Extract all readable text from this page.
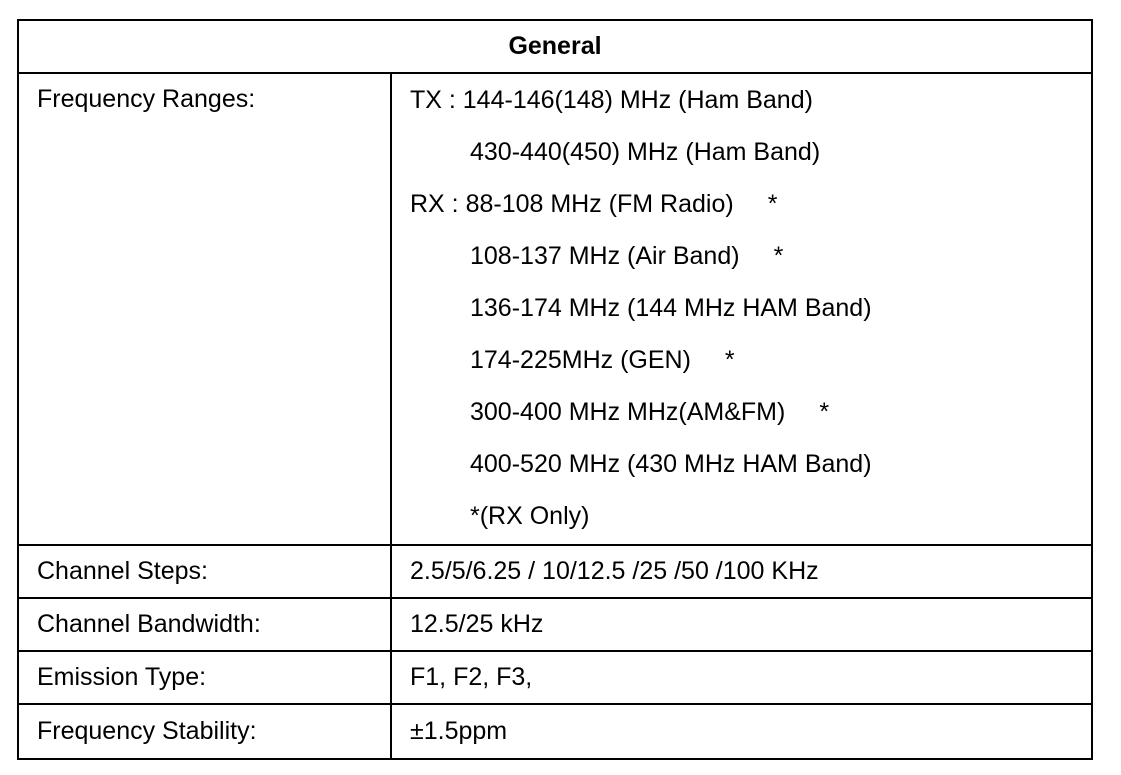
General
Frequency Ranges:	TX : 144-146(148) MHz (Ham Band)
430-440(450) MHz (Ham Band)
RX : 88-108 MHz (FM Radio) *
108-137 MHz (Air Band) *
136-174 MHz (144 MHz HAM Band)
174-225MHz (GEN) *
300-400 MHz MHz(AM&FM) *
400-520 MHz (430 MHz HAM Band)
*(RX Only)
Channel Steps:	2.5/5/6.25 / 10/12.5 /25 /50 /100 KHz
Channel Bandwidth:	12.5/25 kHz
Emission Type:	F1, F2, F3,
Frequency Stability:	±1.5ppm
